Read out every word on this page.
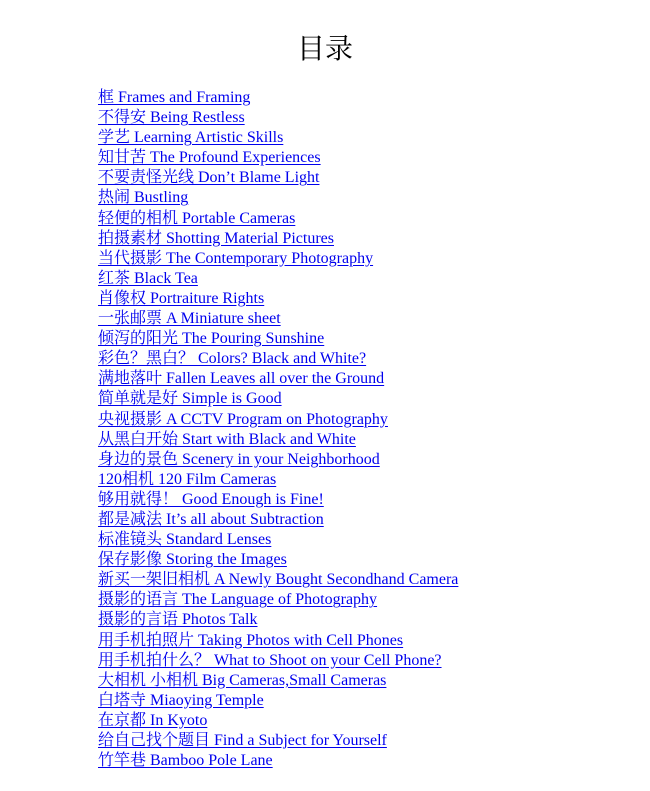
目录
框 Frames and Framing
不得安 Being Restless
学艺 Learning Artistic Skills
知甘苦 The Profound Experiences
不要责怪光线 Don’t Blame Light
热闹 Bustling
轻便的相机 Portable Cameras
拍摄素材 Shotting Material Pictures
当代摄影 The Contemporary Photography
红茶 Black Tea
肖像权 Portraiture Rights
一张邮票 A Miniature sheet
倾泻的阳光 The Pouring Sunshine
彩色？黑白？ Colors? Black and White?
满地落叶 Fallen Leaves all over the Ground
简单就是好 Simple is Good
央视摄影 A CCTV Program on Photography
从黑白开始 Start with Black and White
身边的景色 Scenery in your Neighborhood
120相机 120 Film Cameras
够用就得！ Good Enough is Fine!
都是减法 It’s all about Subtraction
标准镜头 Standard Lenses
保存影像 Storing the Images
新买一架旧相机 A Newly Bought Secondhand Camera
摄影的语言 The Language of Photography
摄影的言语 Photos Talk
用手机拍照片 Taking Photos with Cell Phones
用手机拍什么？ What to Shoot on your Cell Phone?
大相机 小相机 Big Cameras,Small Cameras
白塔寺 Miaoying Temple
在京都 In Kyoto
给自己找个题目 Find a Subject for Yourself
竹竿巷 Bamboo Pole Lane
